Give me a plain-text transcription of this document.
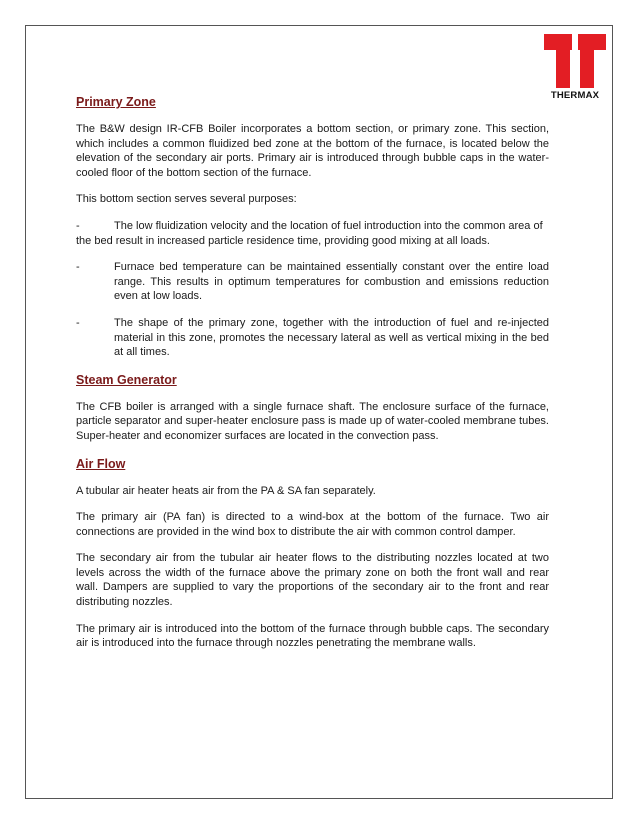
THERMAX
Primary Zone

The B&W design IR-CFB Boiler incorporates a bottom section, or primary zone. This section, which includes a common fluidized bed zone at the bottom of the furnace, is located below the elevation of the secondary air ports. Primary air is introduced through bubble caps in the water-cooled floor of the bottom section of the furnace.

This bottom section serves several purposes:

-	The low fluidization velocity and the location of fuel introduction into the common area of the bed result in increased particle residence time, providing good mixing at all loads.

-	Furnace bed temperature can be maintained essentially constant over the entire load range. This results in optimum temperatures for combustion and emissions reduction even at low loads.
-	The shape of the primary zone, together with the introduction of fuel and re-injected material in this zone, promotes the necessary lateral as well as vertical mixing in the bed at all times.
Steam Generator

The CFB boiler is arranged with a single furnace shaft. The enclosure surface of the furnace, particle separator and super-heater enclosure pass is made up of water-cooled membrane tubes. Super-heater and economizer surfaces are located in the convection pass.

Air Flow

A tubular air heater heats air from the PA & SA fan separately.

The primary air (PA fan) is directed to a wind-box at the bottom of the furnace. Two air connections are provided in the wind box to distribute the air with common control damper.

The secondary air from the tubular air heater flows to the distributing nozzles located at two levels across the width of the furnace above the primary zone on both the front wall and rear wall. Dampers are supplied to vary the proportions of the secondary air to the front and rear distributing nozzles.

The primary air is introduced into the bottom of the furnace through bubble caps. The secondary air is introduced into the furnace through nozzles penetrating the membrane walls.
